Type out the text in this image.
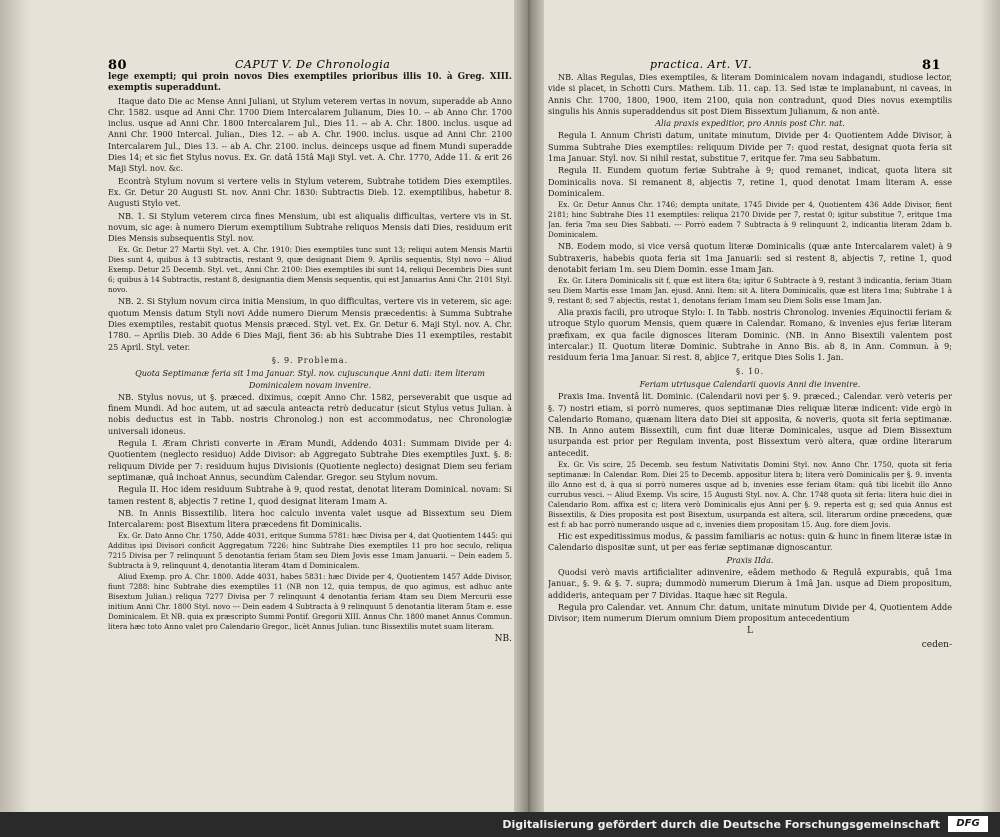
80	CAPUT V. De Chronologia	practica. Art. VI.	81

lege exempti; qui proin novos Dies exemptiles prioribus illis 10. à Greg. XIII. exemptis superaddunt.

Itaque dato Die ac Mense Anni Juliani, ut Stylum veterem vertas in novum, superadde ab Anno Chr. 1582. usque ad Anni Chr. 1700 Diem Intercalarem Julianum, Dies 10. -- ab Anno Chr. 1700 inclus. usque ad Anni Chr. 1800 Intercalarem Jul., Dies 11. -- ab A. Chr. 1800. inclus. usque ad Anni Chr. 1900 Intercal. Julian., Dies 12. -- ab A. Chr. 1900. inclus. usque ad Anni Chr. 2100 Intercalarem Jul., Dies 13. -- ab A. Chr. 2100. inclus. deinceps usque ad finem Mundi superadde Dies 14; et sic fiet Stylus novus. Ex. Gr. datâ 15tâ Maji Styl. vet. A. Chr. 1770, Adde 11. & erit 26 Maji Styl. nov. &c.

Econtrà Stylum novum si vertere velis in Stylum veterem, Subtrahe totidem Dies exemptiles. Ex. Gr. Detur 20 Augusti St. nov. Anni Chr. 1830: Subtractis Dieb. 12. exemptilibus, habetur 8. Augusti Stylo vet.

NB. 1. Si Stylum veterem circa fines Mensium, ubi est aliqualis difficultas, vertere vis in St. novum, sic age: à numero Dierum exemptilium Subtrahe reliquos Mensis dati Dies, residuum erit Dies Mensis subsequentis Styl. nov.

Ex. Gr. Detur 27 Martii Styl. vet. A. Chr. 1910: Dies exemptiles tunc sunt 13; reliqui autem Mensis Martii Dies sunt 4, quibus à 13 subtractis, restant 9, quæ designant Diem 9. Aprilis sequentis, Styl novo -- Aliud Exemp. Detur 25 Decemb. Styl. vet., Anni Chr. 2100: Dies exemptiles ibi sunt 14, reliqui Decembris Dies sunt 6; quibus à 14 Subtractis, restant 8, designantia diem Mensis sequentis, qui est Januarius Anni Chr. 2101 Styl. novo.

NB. 2. Si Stylum novum circa initia Mensium, in quo difficultas, vertere vis in veterem, sic age: quotum Mensis datum Styli novi Adde numero Dierum Mensis præcedentis: à Summa Subtrahe Dies exemptiles, restabit quotus Mensis præced. Styl. vet. Ex. Gr. Detur 6. Maji Styl. nov. A. Chr. 1780. -- Aprilis Dieb. 30 Adde 6 Dies Maji, fient 36: ab his Subtrahe Dies 11 exemptiles, restabit 25 April. Styl. veter.

§. 9. Problema.

Quota Septimanæ feria sit 1ma Januar. Styl. nov. cujuscunque Anni dati: item literam Dominicalem novam invenire.

NB. Stylus novus, ut §. præced. diximus, cœpit Anno Chr. 1582, perseverabit que usque ad finem Mundi. Ad hoc autem, ut ad sæcula anteacta retrò deducatur (sicut Stylus vetus Julian. à nobis deductus est in Tabb. nostris Chronolog.) non est accommodatus, nec Chronologiæ universali idoneus.

Regula I. Æram Christi converte in Æram Mundi, Addendo 4031: Summam Divide per 4: Quotientem (neglecto residuo) Adde Divisor: ab Aggregato Subtrahe Dies exemptiles Juxt. §. 8: reliquum Divide per 7: residuum hujus Divisionis (Quotiente neglecto) designat Diem seu feriam septimanæ, quâ inchoat Annus, secundùm Calendar. Gregor. seu Stylum novum.

Regula II. Hoc idem residuum Subtrahe à 9, quod restat, denotat literam Dominical. novam: Si tamen restent 8, abjectis 7 retine 1, quod designat literam 1mam A.

NB. In Annis Bissextilib. litera hoc calculo inventa valet usque ad Bissextum seu Diem Intercalarem: post Bisextum litera præcedens fit Dominicalis.

Ex. Gr. Dato Anno Chr. 1750, Adde 4031, eritque Summa 5781: hæc Divisa per 4, dat Quotientem 1445: qui Additus ipsi Divisori conficit Aggregatum 7226: hinc Subtrahe Dies exemptiles 11 pro hoc seculo, reliqua 7215 Divisa per 7 relinquunt 5 denotantia feriam 5tam seu Diem Jovis esse 1mam Januarii. -- Dein eadem 5. Subtracta à 9, relinquunt 4, denotantia literam 4tam d Dominicalem.

Aliud Exemp. pro A. Chr. 1800. Adde 4031, habes 5831: hæc Divide per 4, Quotientem 1457 Adde Divisor, fiunt 7288: hinc Subtrahe dies exemptiles 11 (NB non 12, quia tempus, de quo agimus, est adhuc ante Bisextum Julian.) reliqua 7277 Divisa per 7 relinquunt 4 denotantia feriam 4tam seu Diem Mercurii esse initium Anni Chr. 1800 Styl. novo --- Dein eadem 4 Subtracta à 9 relinquunt 5 denotantia literam 5tam e. esse Dominicalem. Et NB. quia ex præscripto Summi Pontif. Gregorii XIII. Annus Chr. 1800 manet Annus Commun. litera hæc toto Anno valet pro Calendario Gregor., licèt Annus Julian. tunc Bissextilis mutet suam literam.

NB.

NB. Alias Regulas, Dies exemptiles, & literam Dominicalem novam indagandi, studiose lector, vide si placet, in Schotti Curs. Mathem. Lib. 11. cap. 13. Sed istæ te implanabunt, ni caveas, in Annis Chr. 1700, 1800, 1900, item 2100, quia non contradunt, quod Dies novus exemptilis singulis his Annis superaddendus sit post Diem Bissextum Julianum, & non antè.

Alia praxis expeditior, pro Annis post Chr. nat.

Regula I. Annum Christi datum, unitate minutum, Divide per 4: Quotientem Adde Divisor, à Summa Subtrahe Dies exemptiles: reliquum Divide per 7: quod restat, designat quota feria sit 1ma Januar. Styl. nov. Si nihil restat, substitue 7, eritque fer. 7ma seu Sabbatum.

Regula II. Eundem quotum feriæ Subtrahe à 9; quod remanet, indicat, quota litera sit Dominicalis nova. Si remanent 8, abjectis 7, retine 1, quod denotat 1mam literam A. esse Dominicalem.

Ex. Gr. Detur Annus Chr. 1746; dempta unitate, 1745 Divide per 4, Quotientem 436 Adde Divisor, fient 2181; hinc Subtrahe Dies 11 exemptiles: reliqua 2170 Divide per 7, restat 0; igitur substitue 7, eritque 1ma Jan. feria 7ma seu Dies Sabbati. --- Porrò eadem 7 Subtracta à 9 relinquunt 2, indicantia literam 2dam b. Dominicalem.

NB. Eodem modo, si vice versâ quotum literæ Dominicalis (quæ ante Intercalarem valet) à 9 Subtraxeris, habebis quota feria sit 1ma Januarii: sed si restent 8, abjectis 7, retine 1, quod denotabit feriam 1m. seu Diem Domin. esse 1mam Jan.

Ex. Gr. Litera Dominicalis sit f, quæ est litera 6ta; igitur 6 Subtracte à 9, restant 3 indicantia, feriam 3tiam seu Diem Martis esse 1mam Jan. ejusd. Anni. Item: sit A. litera Dominicalis, quæ est litera 1ma; Subtrahe 1 à 9, restant 8; sed 7 abjectis, restat 1, denotans feriam 1mam seu Diem Solis esse 1mam Jan.

Alia praxis facili, pro utroque Stylo: I. In Tabb. nostris Chronolog. invenies Æquinoctii feriam & utroque Stylo quorum Mensis, quem quære in Calendar. Romano, & invenies ejus feriæ literam præfixam, ex qua facile dignosces literam Dominic. (NB. in Anno Bisextili valentem post intercalar.) II. Quotum literæ Dominic. Subtrahe in Anno Bis. ab 8, in Ann. Commun. à 9; residuum feria 1ma Januar. Si rest. 8, abjice 7, eritque Dies Solis 1. Jan.

§. 10.

Feriam utriusque Calendarii quovis Anni die invenire.

Praxis Ima. Inventâ lit. Dominic. (Calendarii novi per §. 9. præced.; Calendar. verò veteris per §. 7) nostri etiam, si porrò numeres, quos septimanæ Dies reliquæ literæ indicent: vide ergò in Calendario Romano, quænam litera dato Diei sit apposita, & noveris, quota sit feria septimanæ. NB. In Anno autem Bissextili, cum fint duæ literæ Dominicales, usque ad Diem Bissextum usurpanda est prior per Regulam inventa, post Bissextum verò altera, quæ ordine literarum antecedit.

Ex. Gr. Vis scire, 25 Decemb. seu festum Nativitatis Domini Styl. nov. Anno Chr. 1750, quota sit feria septimanæ: In Calendar. Rom. Diei 25 to Decemb. appositur litera b; litera verò Dominicalis per §. 9. inventa illo Anno est d, à qua si porrò numeres usque ad b, invenies esse feriam 6tam: quâ tibi licebit illo Anno currubus vesci. -- Aliud Exemp. Vis scire, 15 Augusti Styl. nov. A. Chr. 1748 quota sit feria: litera huic diei in Calendario Rom. affixa est c; litera verò Dominicalis ejus Anni per §. 9. reperta est g; sed quia Annus est Bissextilis, & Dies proposita est post Bisextum, usurpanda est altera, scil. literarum ordine præcedens, quæ est f: ab hac porrò numerando usque ad c, invenies diem propositam 15. Aug. fore diem Jovis.

Hic est expeditissimus modus, & passim familiaris ac notus: quin & hunc in finem literæ istæ in Calendario dispositæ sunt, ut per eas feriæ septimanæ dignoscantur.

Praxis IIda.

Quodsi verò mavis artificialiter adinvenire, eâdem methodo & Regulâ expurabis, quâ 1ma Januar., §. 9. & §. 7. supra; dummodò numerum Dierum à 1mâ Jan. usque ad Diem propositum, addideris, antequam per 7 Dividas. Itaque hæc sit Regula.

Regula pro Calendar. vet. Annum Chr. datum, unitate minutum Divide per 4, Quotientem Adde Divisor; item numerum Dierum omnium Diem propositum antecedentium

L

ceden-

Digitalisierung gefördert durch die Deutsche Forschungsgemeinschaft	DFG
